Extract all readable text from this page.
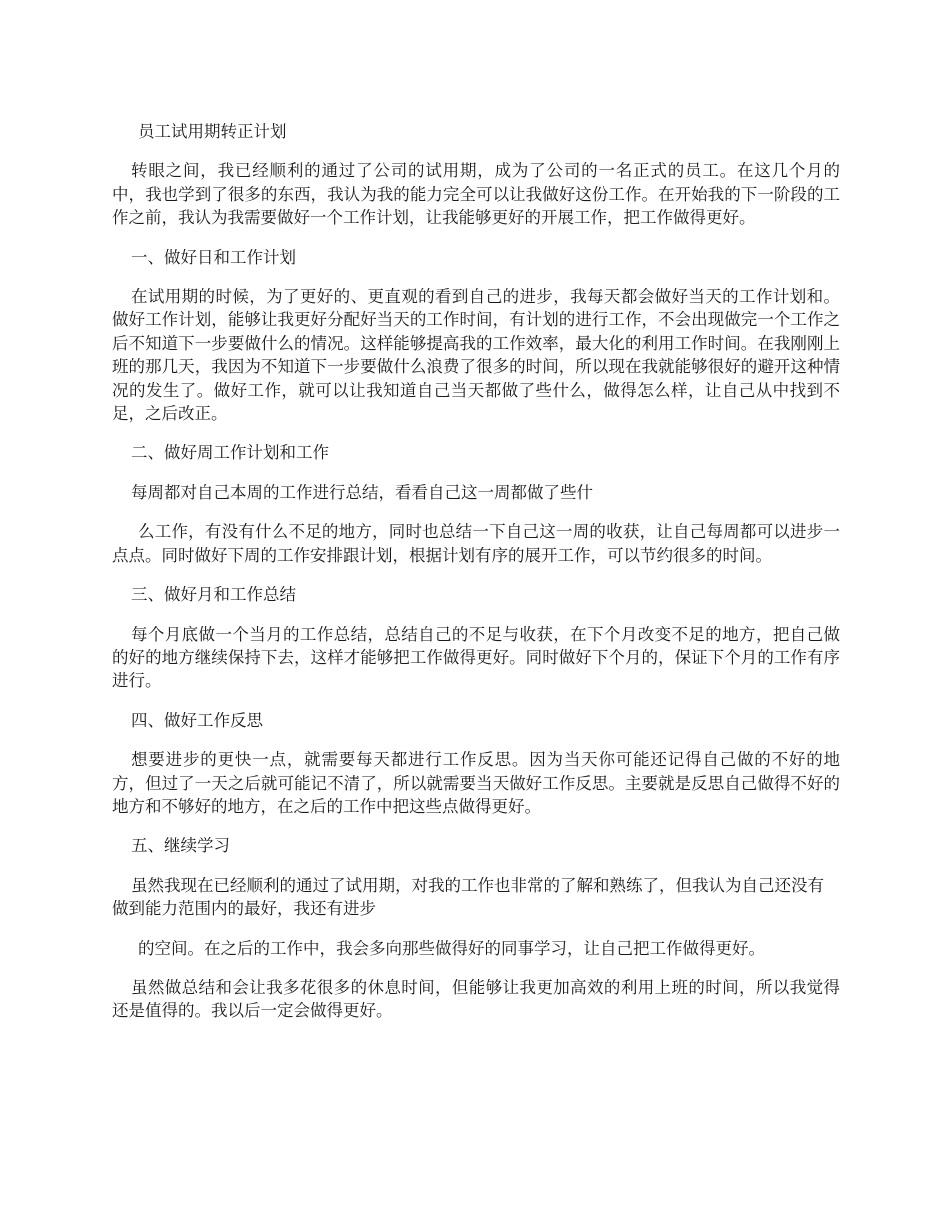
员工试用期转正计划

转眼之间，我已经顺利的通过了公司的试用期，成为了公司的一名正式的员工。在这几个月的中，我也学到了很多的东西，我认为我的能力完全可以让我做好这份工作。在开始我的下一阶段的工作之前，我认为我需要做好一个工作计划，让我能够更好的开展工作，把工作做得更好。

一、做好日和工作计划

在试用期的时候，为了更好的、更直观的看到自己的进步，我每天都会做好当天的工作计划和。做好工作计划，能够让我更好分配好当天的工作时间，有计划的进行工作，不会出现做完一个工作之后不知道下一步要做什么的情况。这样能够提高我的工作效率，最大化的利用工作时间。在我刚刚上班的那几天，我因为不知道下一步要做什么浪费了很多的时间，所以现在我就能够很好的避开这种情况的发生了。做好工作，就可以让我知道自己当天都做了些什么，做得怎么样，让自己从中找到不足，之后改正。

二、做好周工作计划和工作

每周都对自己本周的工作进行总结，看看自己这一周都做了些什

么工作，有没有什么不足的地方，同时也总结一下自己这一周的收获，让自己每周都可以进步一点点。同时做好下周的工作安排跟计划，根据计划有序的展开工作，可以节约很多的时间。

三、做好月和工作总结

每个月底做一个当月的工作总结，总结自己的不足与收获，在下个月改变不足的地方，把自己做的好的地方继续保持下去，这样才能够把工作做得更好。同时做好下个月的，保证下个月的工作有序进行。

四、做好工作反思

想要进步的更快一点，就需要每天都进行工作反思。因为当天你可能还记得自己做的不好的地方，但过了一天之后就可能记不清了，所以就需要当天做好工作反思。主要就是反思自己做得不好的地方和不够好的地方，在之后的工作中把这些点做得更好。

五、继续学习

虽然我现在已经顺利的通过了试用期，对我的工作也非常的了解和熟练了，但我认为自己还没有做到能力范围内的最好，我还有进步

的空间。在之后的工作中，我会多向那些做得好的同事学习，让自己把工作做得更好。

虽然做总结和会让我多花很多的休息时间，但能够让我更加高效的利用上班的时间，所以我觉得还是值得的。我以后一定会做得更好。
